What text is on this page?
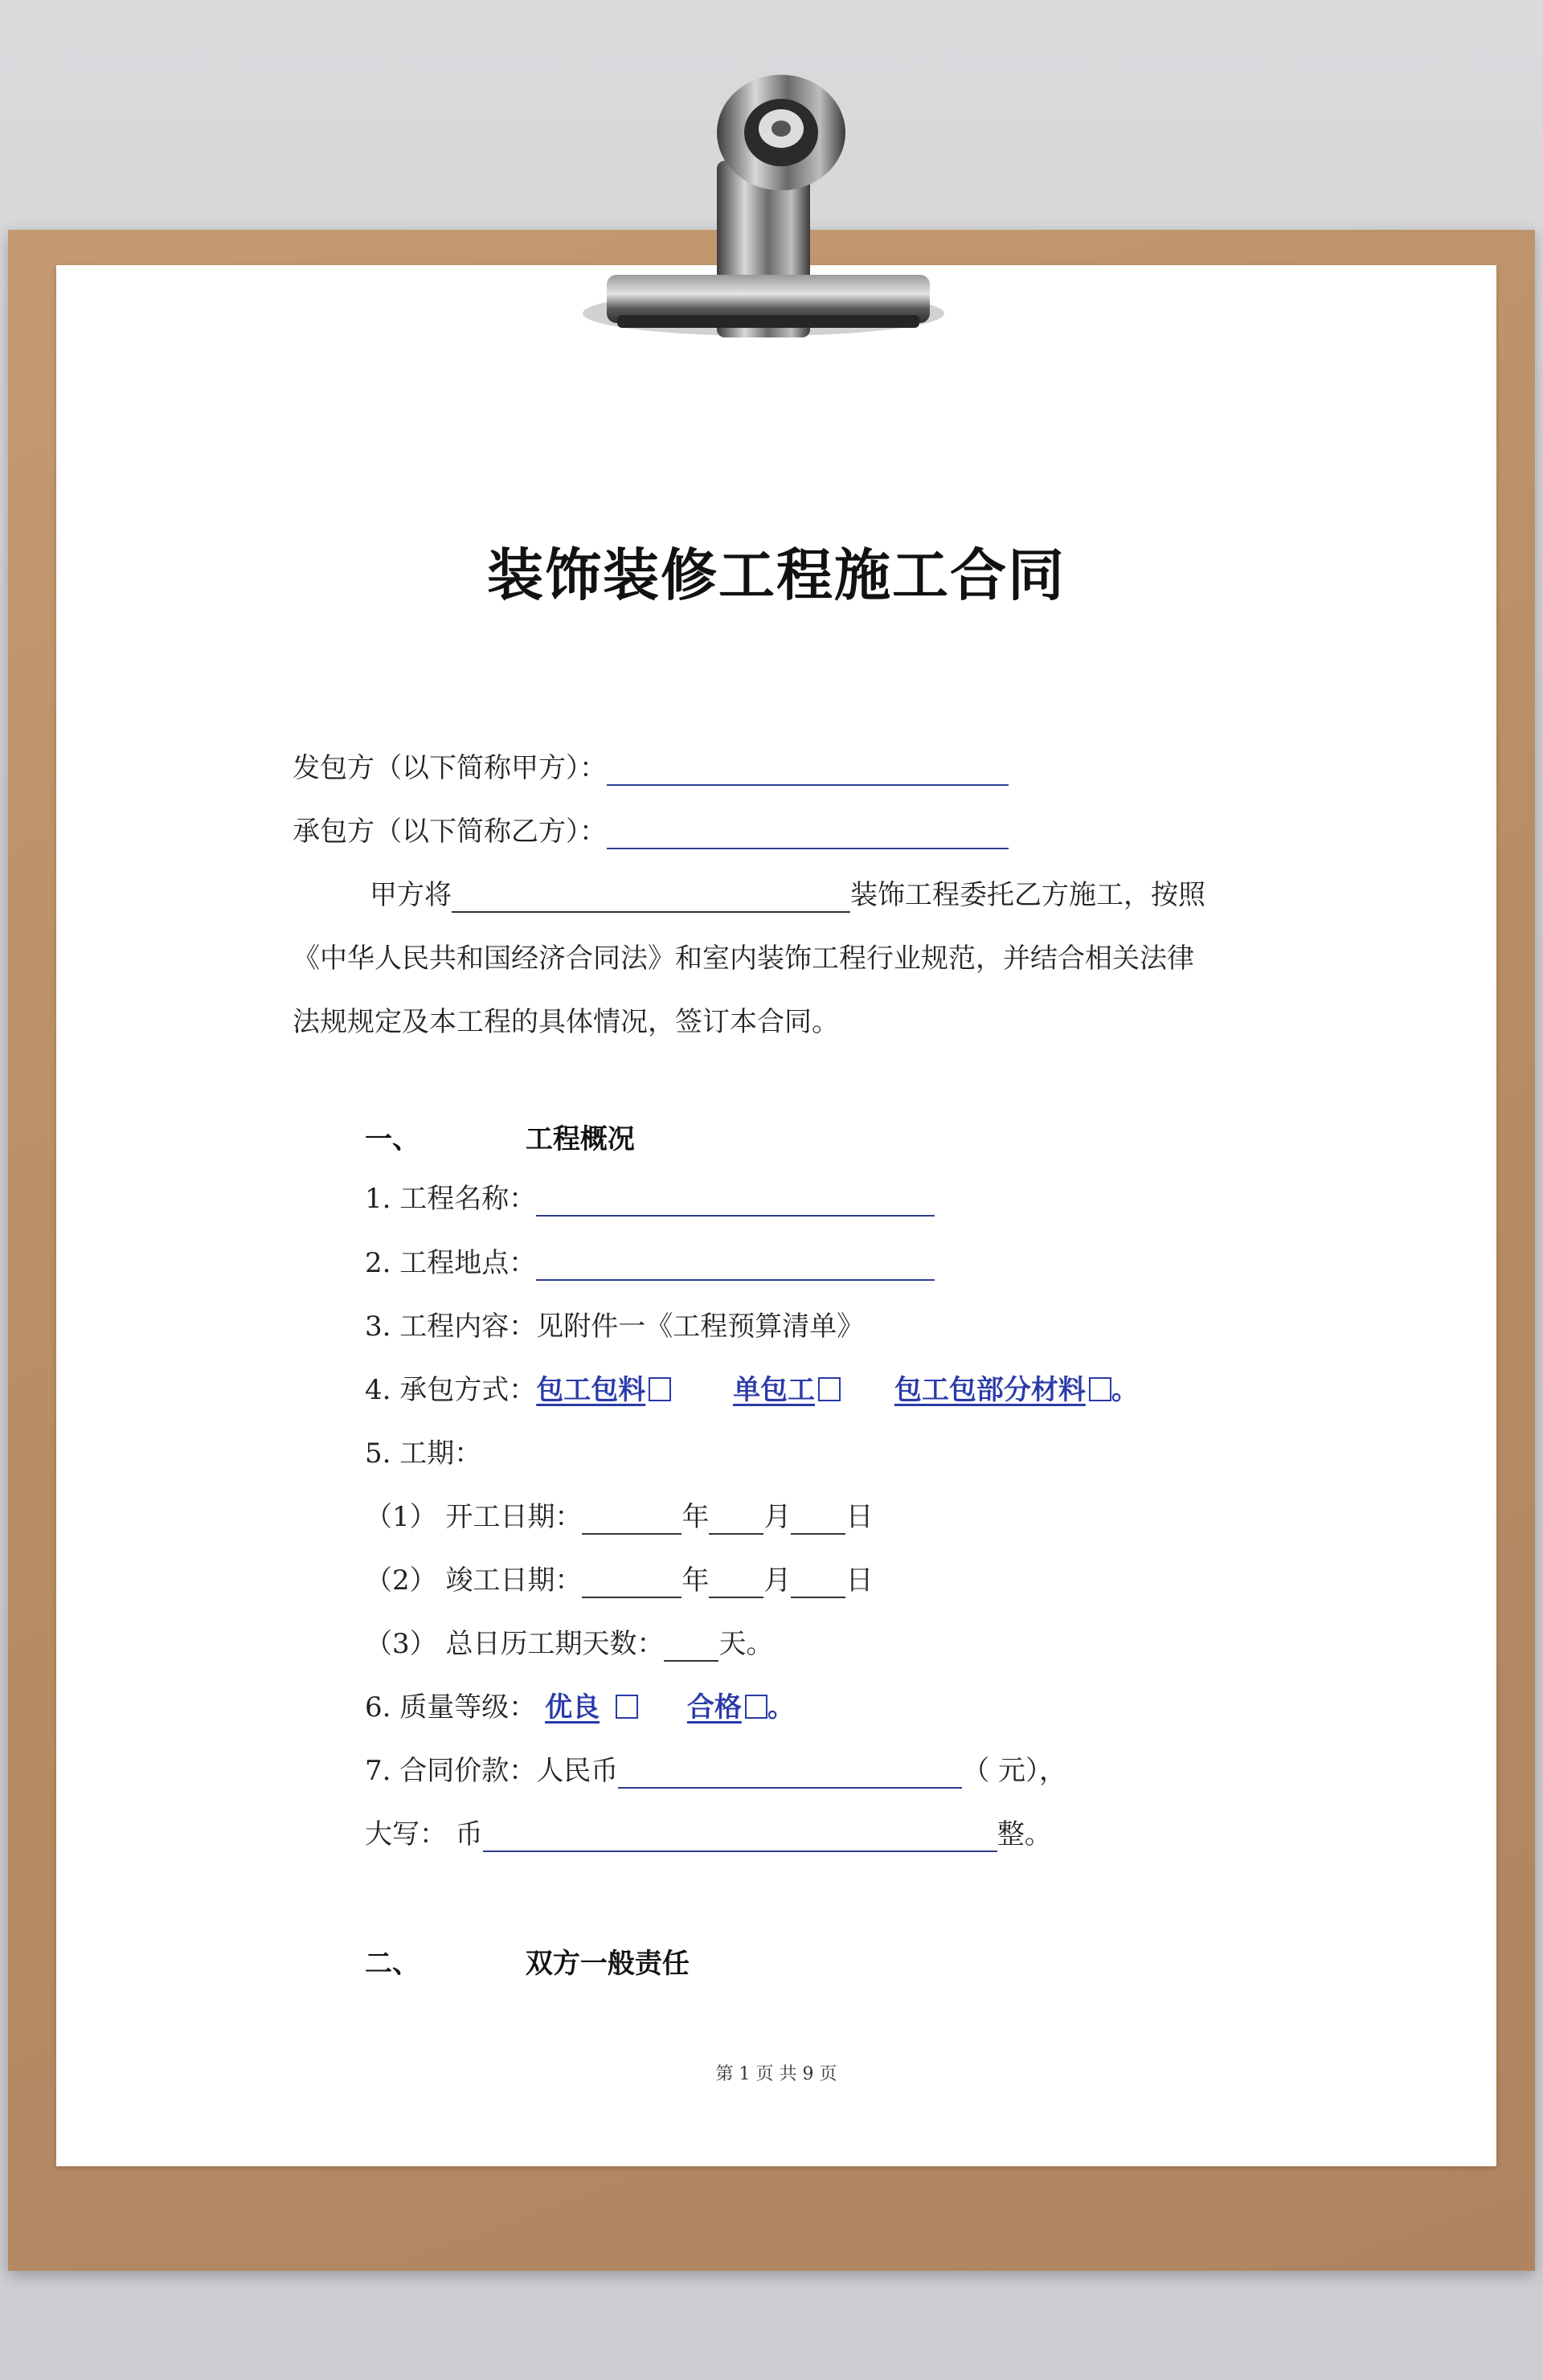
装饰装修工程施工合同
发包方（以下简称甲方）：
承包方（以下简称乙方）：
甲方将	装饰工程委托乙方施工，按照
《中华人民共和国经济合同法》和室内装饰工程行业规范，并结合相关法律
法规规定及本工程的具体情况，签订本合同。
一、	工程概况
1. 工程名称：
2. 工程地点：
3. 工程内容：见附件一《工程预算清单》
4. 承包方式：包工包料	单包工	包工包部分材料 。
5. 工期：
（1） 开工日期：	年 月 日
（2） 竣工日期：	年 月 日
（3） 总日历工期天数： 天。
6. 质量等级： 优良	合格 。
7. 合同价款：人民币	（ 元），
大写： 币	整。
二、	双方一般责任
第 1 页 共 9 页
